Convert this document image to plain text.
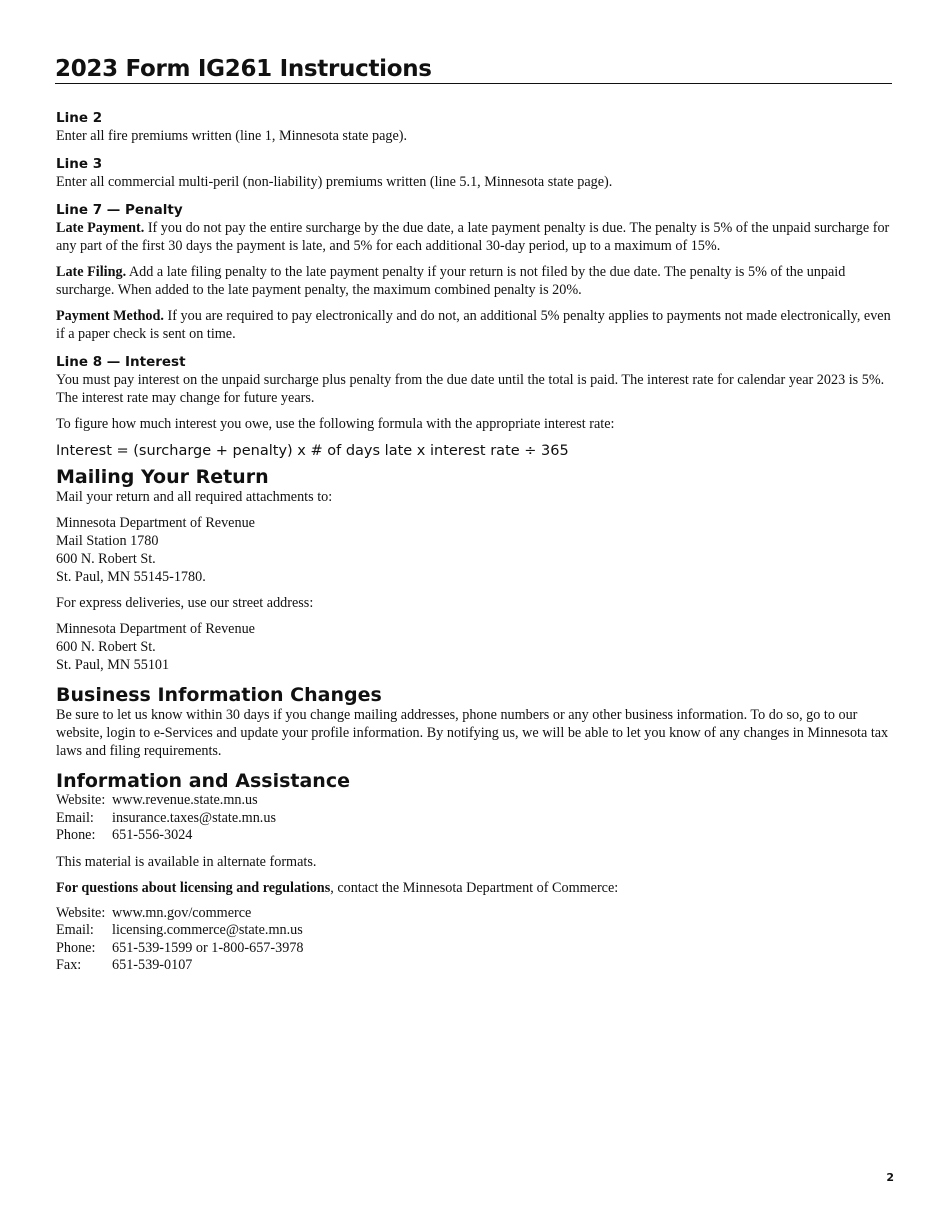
2023 Form IG261 Instructions
Line 2
Enter all fire premiums written (line 1, Minnesota state page).
Line 3
Enter all commercial multi-peril (non-liability) premiums written (line 5.1, Minnesota state page).
Line 7 — Penalty
Late Payment. If you do not pay the entire surcharge by the due date, a late payment penalty is due. The penalty is 5% of the unpaid surcharge for any part of the first 30 days the payment is late, and 5% for each additional 30-day period, up to a maximum of 15%.
Late Filing. Add a late filing penalty to the late payment penalty if your return is not filed by the due date. The penalty is 5% of the unpaid surcharge. When added to the late payment penalty, the maximum combined penalty is 20%.
Payment Method. If you are required to pay electronically and do not, an additional 5% penalty applies to payments not made electronically, even if a paper check is sent on time.
Line 8 — Interest
You must pay interest on the unpaid surcharge plus penalty from the due date until the total is paid. The interest rate for calendar year 2023 is 5%. The interest rate may change for future years.
To figure how much interest you owe, use the following formula with the appropriate interest rate:
Interest = (surcharge + penalty) x # of days late x interest rate ÷ 365
Mailing Your Return
Mail your return and all required attachments to:
Minnesota Department of Revenue
Mail Station 1780
600 N. Robert St.
St. Paul, MN 55145-1780.
For express deliveries, use our street address:
Minnesota Department of Revenue
600 N. Robert St.
St. Paul, MN 55101
Business Information Changes
Be sure to let us know within 30 days if you change mailing addresses, phone numbers or any other business information. To do so, go to our website, login to e-Services and update your profile information. By notifying us, we will be able to let you know of any changes in Minnesota tax laws and filing requirements.
Information and Assistance
Website: www.revenue.state.mn.us
Email:	insurance.taxes@state.mn.us
Phone:	651-556-3024
This material is available in alternate formats.
For questions about licensing and regulations, contact the Minnesota Department of Commerce:
Website: www.mn.gov/commerce
Email:	licensing.commerce@state.mn.us
Phone:	651-539-1599 or 1-800-657-3978
Fax:	651-539-0107
2
